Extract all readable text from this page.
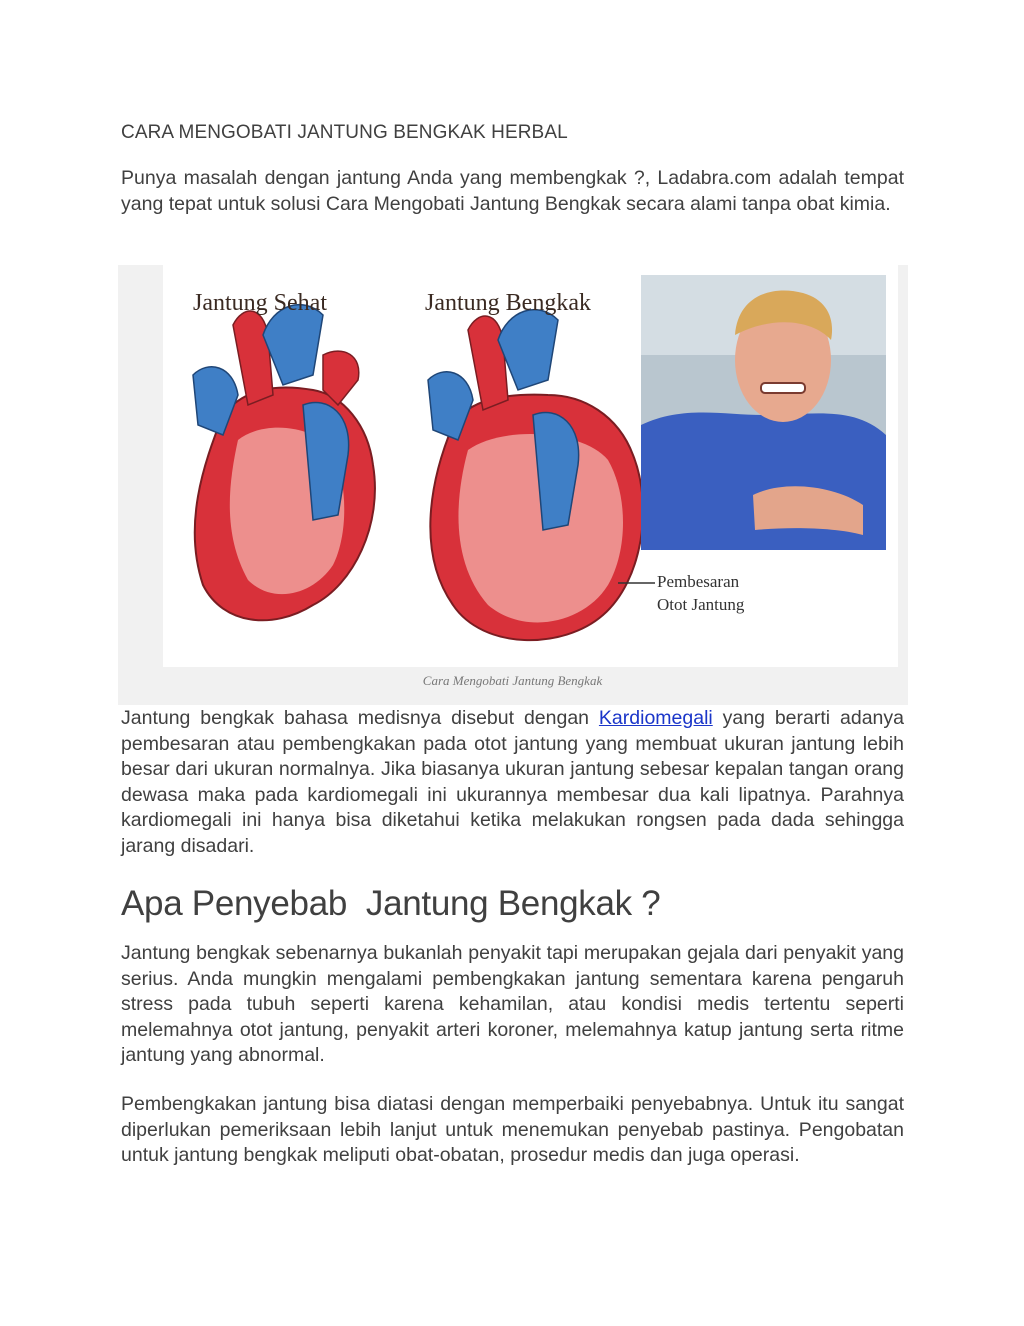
CARA MENGOBATI JANTUNG BENGKAK HERBAL

Punya masalah dengan jantung Anda yang membengkak ?, Ladabra.com adalah tempat yang tepat untuk solusi Cara Mengobati Jantung Bengkak secara alami tanpa obat kimia.

Jantung Sehat	Jantung Bengkak
Pembesaran
Otot Jantung
Cara Mengobati Jantung Bengkak

Jantung bengkak bahasa medisnya disebut dengan Kardiomegali yang berarti adanya pembesaran atau pembengkakan pada otot jantung yang membuat ukuran jantung lebih besar dari ukuran normalnya. Jika biasanya ukuran jantung sebesar kepalan tangan orang dewasa maka pada kardiomegali ini ukurannya membesar dua kali lipatnya. Parahnya kardiomegali ini hanya bisa diketahui ketika melakukan rongsen pada dada sehingga jarang disadari.

Apa Penyebab  Jantung Bengkak ?

Jantung bengkak sebenarnya bukanlah penyakit tapi merupakan gejala dari penyakit yang serius. Anda mungkin mengalami pembengkakan jantung sementara karena pengaruh stress pada tubuh seperti karena kehamilan, atau kondisi medis tertentu seperti melemahnya otot jantung, penyakit arteri koroner, melemahnya katup jantung serta ritme jantung yang abnormal.

Pembengkakan jantung bisa diatasi dengan memperbaiki penyebabnya. Untuk itu sangat diperlukan pemeriksaan lebih lanjut untuk menemukan penyebab pastinya. Pengobatan untuk jantung bengkak meliputi obat-obatan, prosedur medis dan juga operasi.
